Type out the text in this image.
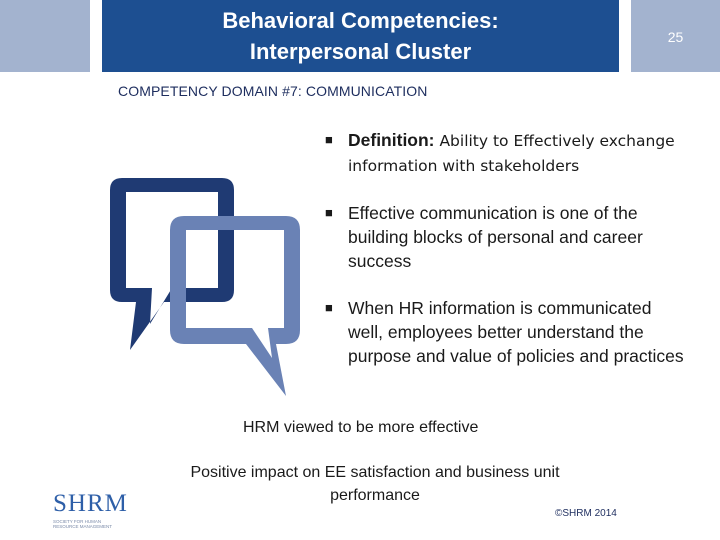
Behavioral Competencies:
Interpersonal Cluster
25
COMPETENCY DOMAIN #7: COMMUNICATION
■ Definition: Ability to Effectively exchange information with stakeholders
■ Effective communication is one of the building blocks of personal and career success
■ When HR information is communicated well, employees better understand the purpose and value of policies and practices
HRM viewed to be more effective
Positive impact on EE satisfaction and business unit performance
SHRM
SOCIETY FOR HUMAN RESOURCE MANAGEMENT
©SHRM 2014
